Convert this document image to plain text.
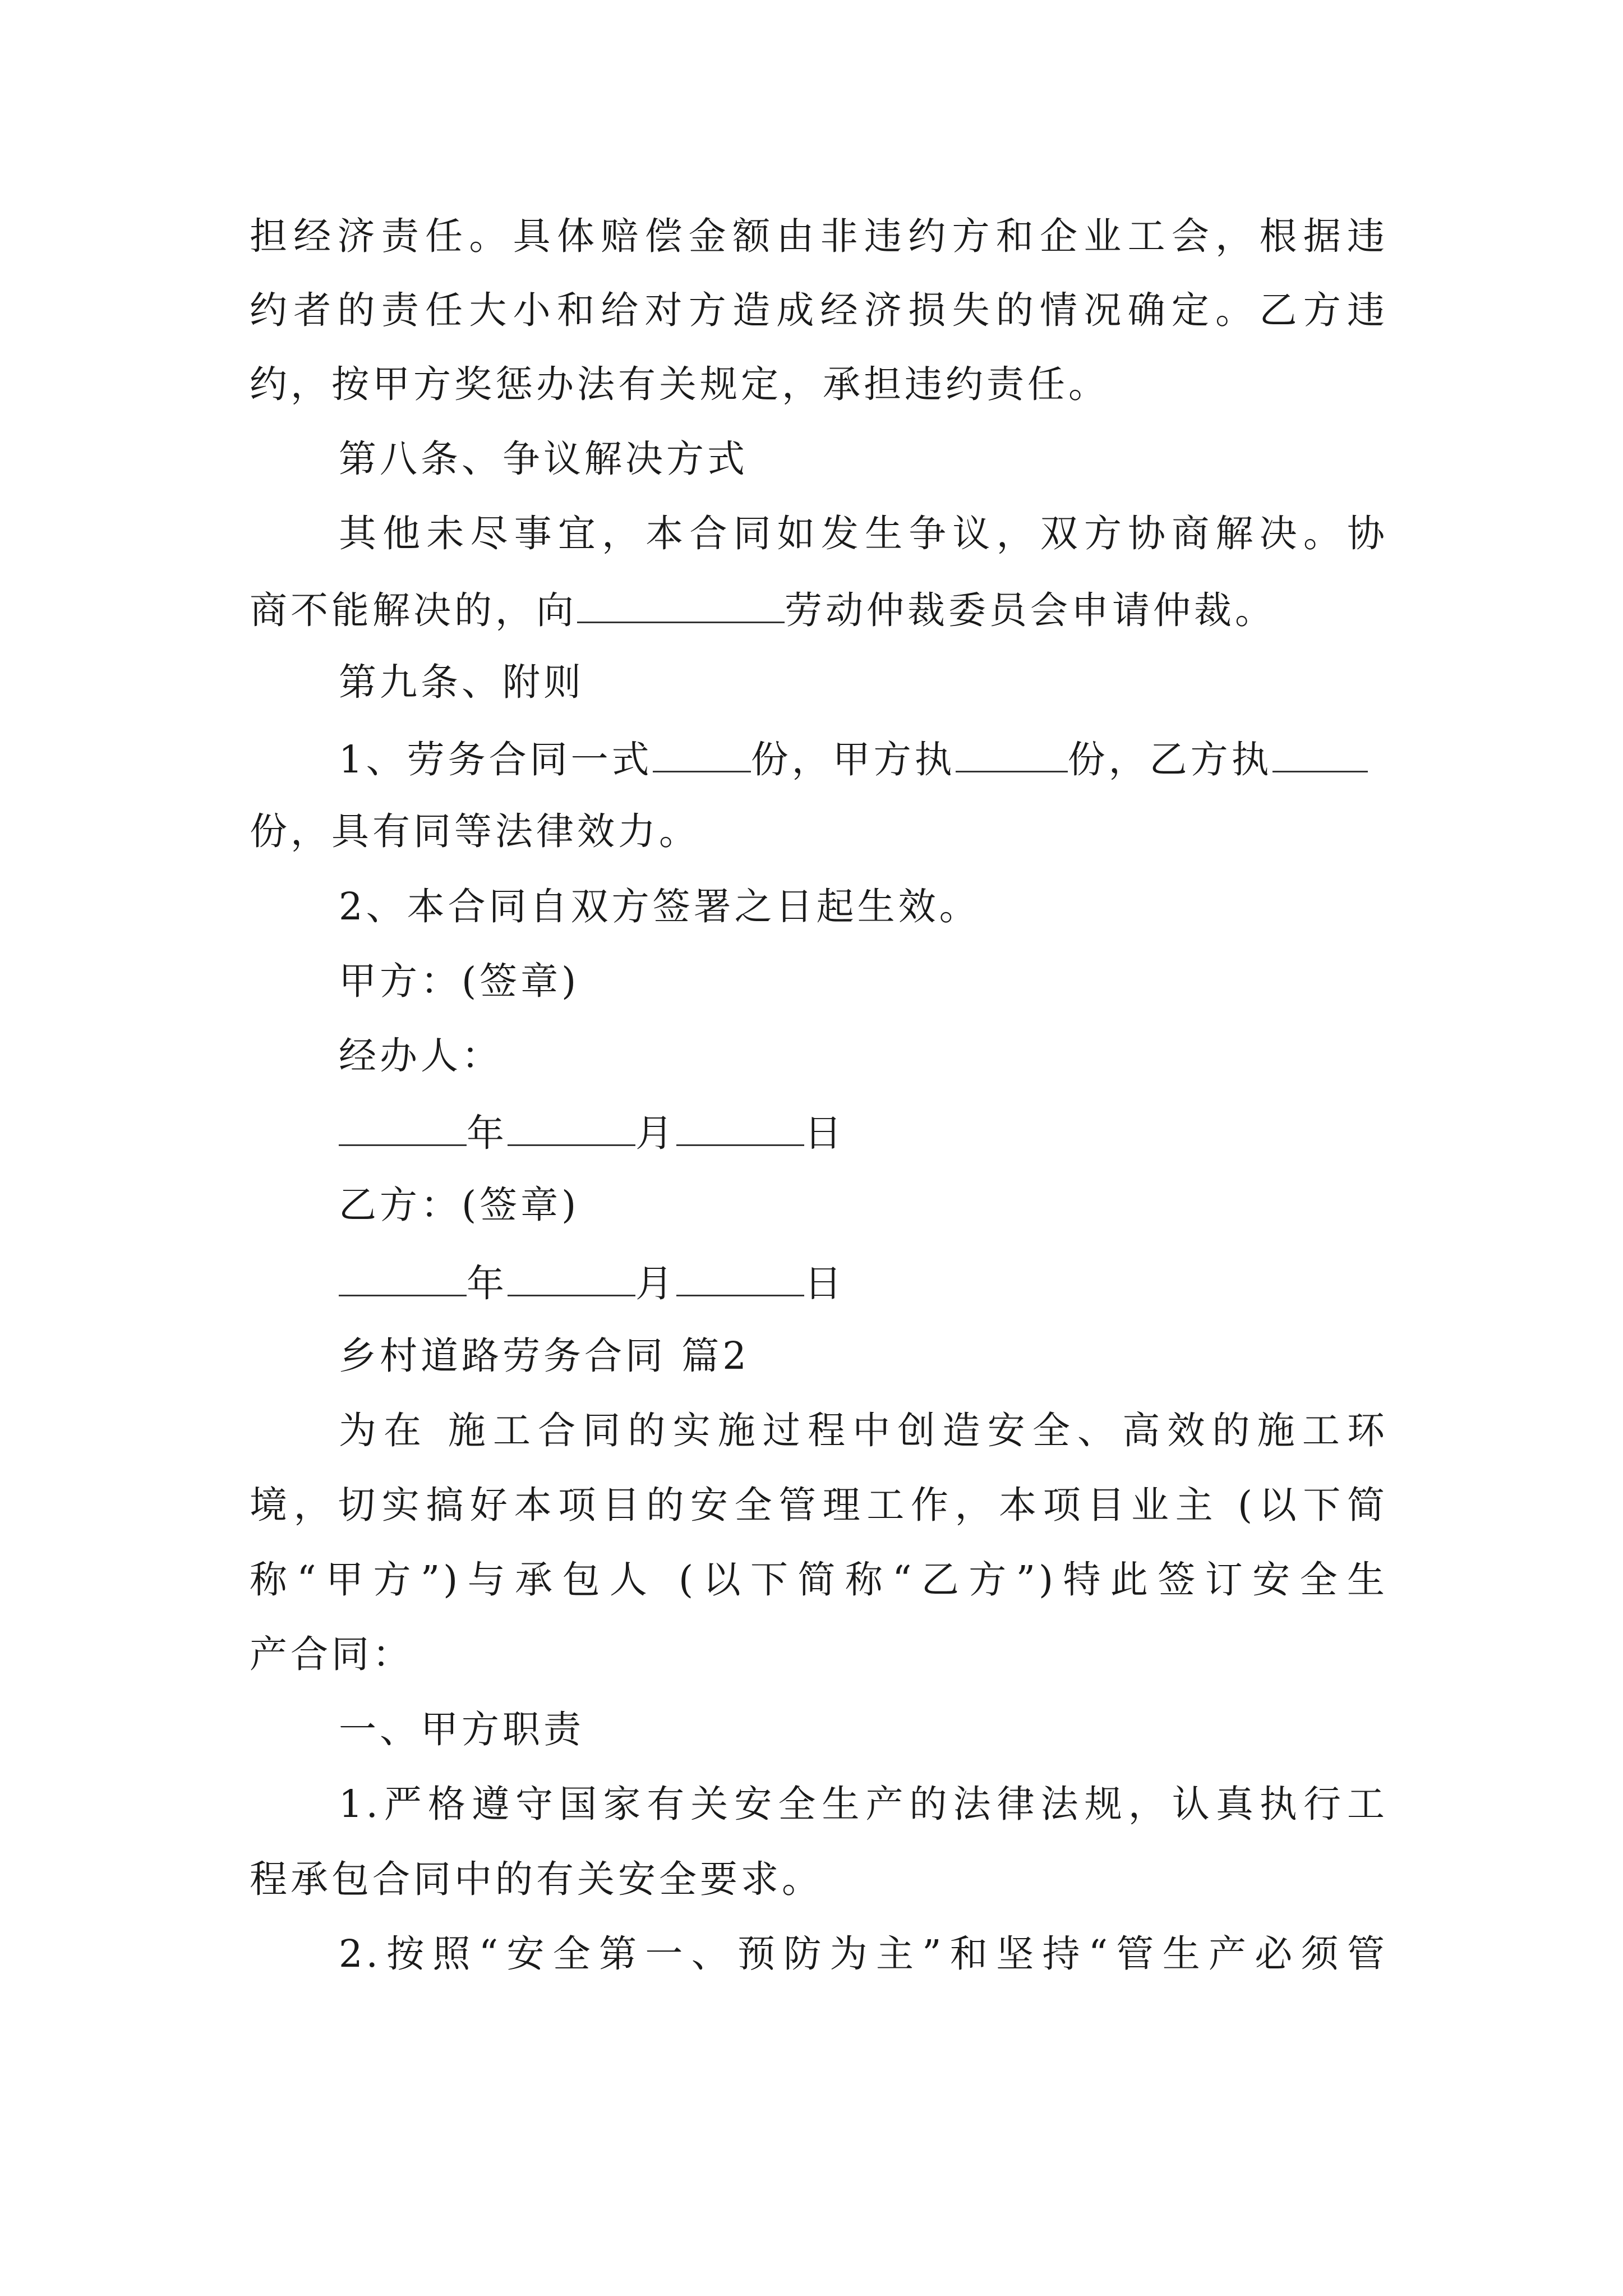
担经济责任。具体赔偿金额由非违约方和企业工会，根据违
约者的责任大小和给对方造成经济损失的情况确定。乙方违
约，按甲方奖惩办法有关规定，承担违约责任。
第八条、争议解决方式
其他未尽事宜，本合同如发生争议，双方协商解决。协
商不能解决的，向	劳动仲裁委员会申请仲裁。
第九条、附则
1、劳务合同一式	份，甲方执	份，乙方执
份，具有同等法律效力。
2、本合同自双方签署之日起生效。
甲方：(签章)
经办人：
年	月	日
乙方：(签章)
年	月	日
乡村道路劳务合同 篇2
为在 施工合同的实施过程中创造安全、高效的施工环
境，切实搞好本项目的安全管理工作，本项目业主 (以下简
称“甲方”)与承包人 (以下简称“乙方”)特此签订安全生
产合同：
一、甲方职责
1.严格遵守国家有关安全生产的法律法规，认真执行工
程承包合同中的有关安全要求。
2.按照“安全第一、预防为主”和坚持“管生产必须管
